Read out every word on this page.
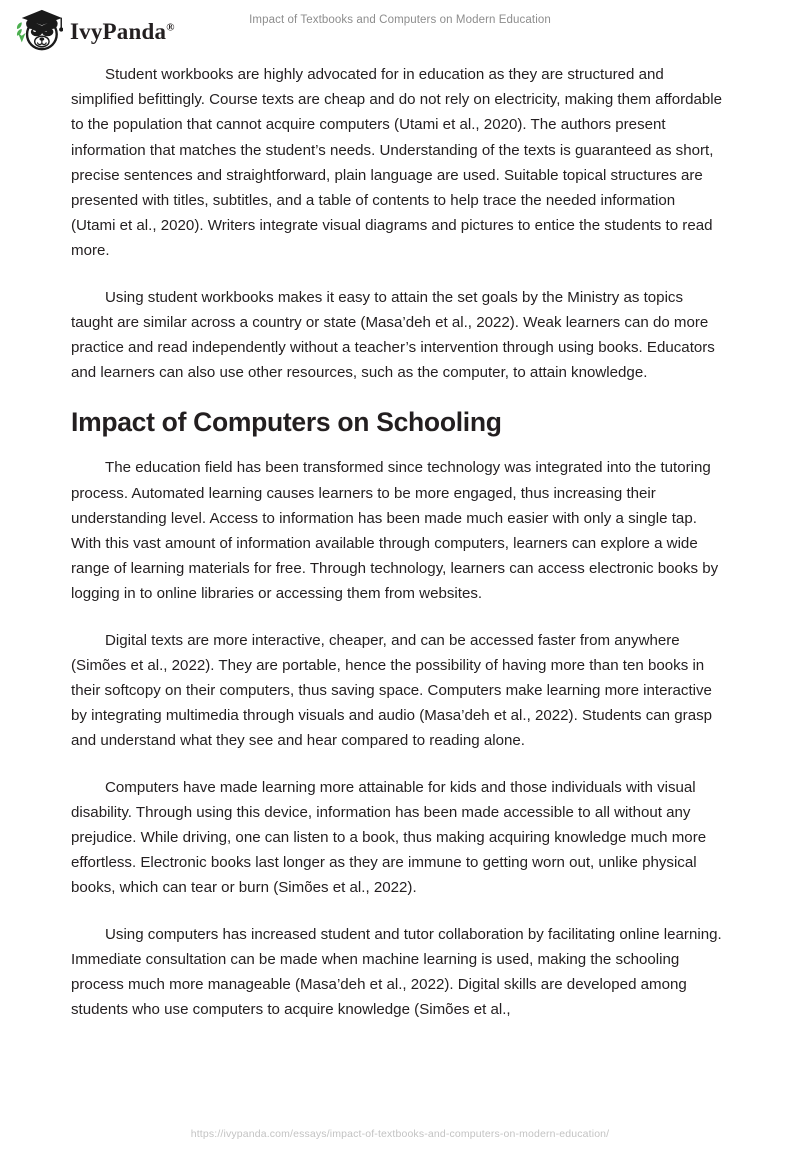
IvyPanda®
Impact of Textbooks and Computers on Modern Education

Student workbooks are highly advocated for in education as they are structured and simplified befittingly. Course texts are cheap and do not rely on electricity, making them affordable to the population that cannot acquire computers (Utami et al., 2020). The authors present information that matches the student’s needs. Understanding of the texts is guaranteed as short, precise sentences and straightforward, plain language are used. Suitable topical structures are presented with titles, subtitles, and a table of contents to help trace the needed information (Utami et al., 2020). Writers integrate visual diagrams and pictures to entice the students to read more.

Using student workbooks makes it easy to attain the set goals by the Ministry as topics taught are similar across a country or state (Masa’deh et al., 2022). Weak learners can do more practice and read independently without a teacher’s intervention through using books. Educators and learners can also use other resources, such as the computer, to attain knowledge.

Impact of Computers on Schooling

The education field has been transformed since technology was integrated into the tutoring process. Automated learning causes learners to be more engaged, thus increasing their understanding level. Access to information has been made much easier with only a single tap. With this vast amount of information available through computers, learners can explore a wide range of learning materials for free. Through technology, learners can access electronic books by logging in to online libraries or accessing them from websites.

Digital texts are more interactive, cheaper, and can be accessed faster from anywhere (Simões et al., 2022). They are portable, hence the possibility of having more than ten books in their softcopy on their computers, thus saving space. Computers make learning more interactive by integrating multimedia through visuals and audio (Masa’deh et al., 2022). Students can grasp and understand what they see and hear compared to reading alone.

Computers have made learning more attainable for kids and those individuals with visual disability. Through using this device, information has been made accessible to all without any prejudice. While driving, one can listen to a book, thus making acquiring knowledge much more effortless. Electronic books last longer as they are immune to getting worn out, unlike physical books, which can tear or burn (Simões et al., 2022).

Using computers has increased student and tutor collaboration by facilitating online learning. Immediate consultation can be made when machine learning is used, making the schooling process much more manageable (Masa’deh et al., 2022). Digital skills are developed among students who use computers to acquire knowledge (Simões et al.,

https://ivypanda.com/essays/impact-of-textbooks-and-computers-on-modern-education/
